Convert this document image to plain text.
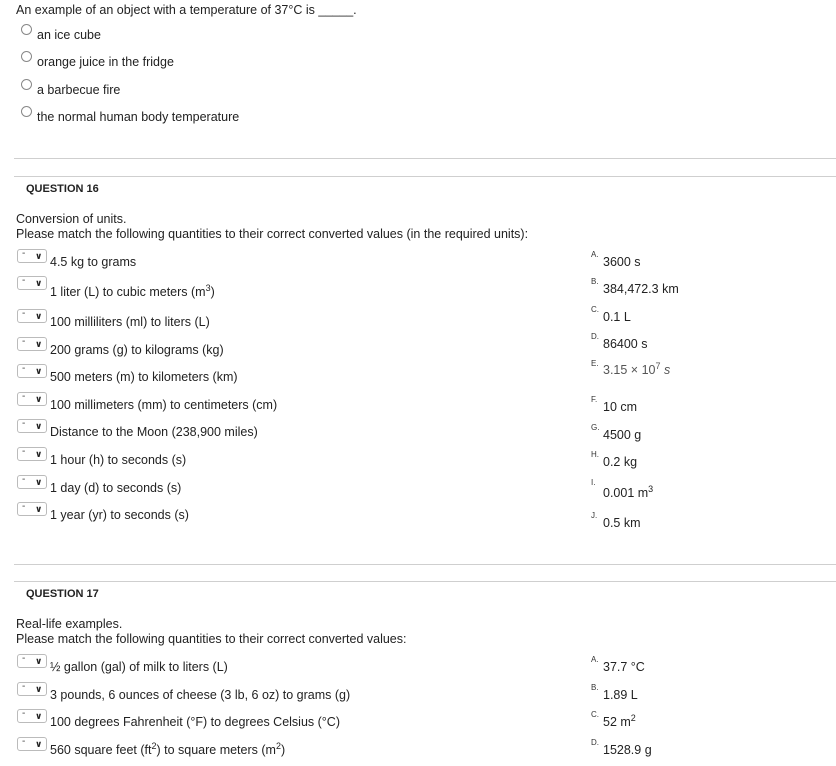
An example of an object with a temperature of 37°C is _____.
an ice cube
orange juice in the fridge
a barbecue fire
the normal human body temperature
QUESTION 16
Conversion of units.
Please match the following quantities to their correct converted values (in the required units):
- ∨ 4.5 kg to grams
- ∨
1 liter (L) to cubic meters $(m^3)$
- ∨ 100 milliliters (ml) to liters (L)
- ∨ 200 grams (g) to kilograms (kg)
- ∨ 500 meters (m) to kilometers (km)
- ∨ 100 millimeters (mm) to centimeters (cm)
- ∨ Distance to the Moon (238,900 miles)
- ∨ 1 hour (h) to seconds (s)
- ∨ 1 day (d) to seconds (s)
- ∨ 1 year (yr) to seconds (s)
A.
3600 s
B.
384,472.3 km
C.
0.1 L
D.
86400 s
E. $3.15 \times 10^7$ s
F.
10 cm
G.
4500 g
H.
0.2 kg
I.
0.001 $m^3$
J.
0.5 km
QUESTION 17
Real-life examples.
Please match the following quantities to their correct converted values:
- ∨ ½ gallon (gal) of milk to liters (L)
- ∨ 3 pounds, 6 ounces of cheese (3 lb, 6 oz) to grams (g)
- ∨ 100 degrees Fahrenheit (°F) to degrees Celsius (°C)
- ∨ 560 square feet $(ft^2)$ to square meters $(m^2)$
A.
37.7 °C
B.
1.89 L
C.
52 $m^2$
D.
1528.9 g
